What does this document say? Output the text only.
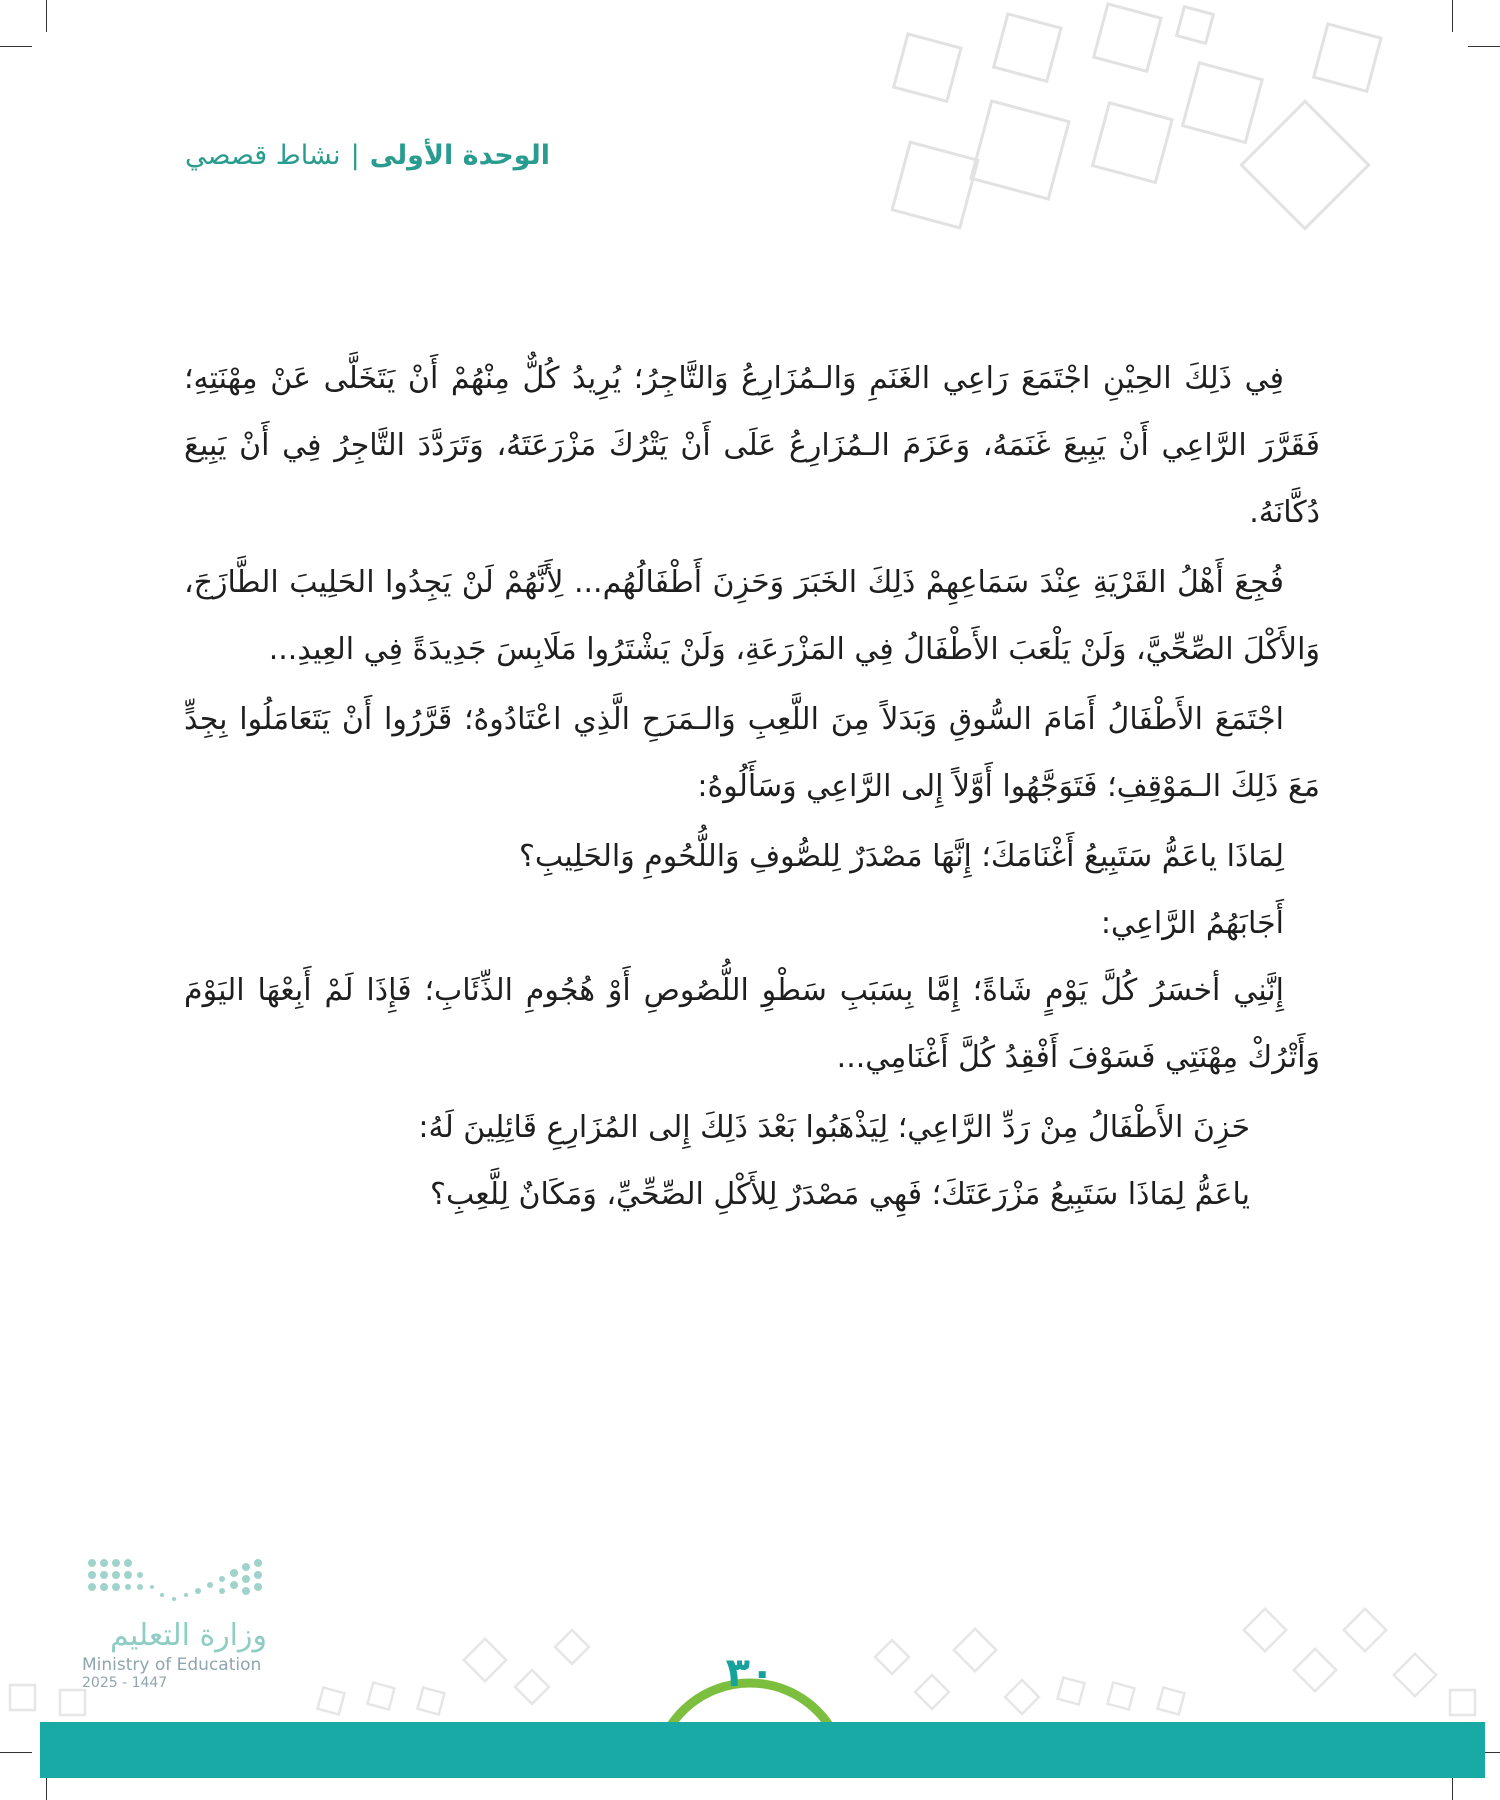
الوحدة الأولى|نشاط قصصي

فِي ذَلِكَ الحِيْنِ اجْتَمَعَ رَاعِي الغَنَمِ وَالـمُزَارِعُ وَالتَّاجِرُ؛ يُرِيدُ كُلٌّ مِنْهُمْ أَنْ يَتَخَلَّى عَنْ مِهْنَتِهِ؛ فَقَرَّرَ الرَّاعِي أَنْ يَبِيعَ غَنَمَهُ، وَعَزَمَ الـمُزَارِعُ عَلَى أَنْ يَتْرُكَ مَزْرَعَتَهُ، وَتَرَدَّدَ التَّاجِرُ فِي أَنْ يَبِيعَ دُكَّانَهُ.

فُجِعَ أَهْلُ القَرْيَةِ عِنْدَ سَمَاعِهِمْ ذَلِكَ الخَبَرَ وَحَزِنَ أَطْفَالُهُم... لِأَنَّهُمْ لَنْ يَجِدُوا الحَلِيبَ الطَّازَجَ، وَالأَكْلَ الصِّحِّيَّ، وَلَنْ يَلْعَبَ الأَطْفَالُ فِي المَزْرَعَةِ، وَلَنْ يَشْتَرُوا مَلَابِسَ جَدِيدَةً فِي العِيدِ...

اجْتَمَعَ الأَطْفَالُ أَمَامَ السُّوقِ وَبَدَلاً مِنَ اللَّعِبِ وَالـمَرَحِ الَّذِي اعْتَادُوهُ؛ قَرَّرُوا أَنْ يَتَعَامَلُوا بِجِدٍّ مَعَ ذَلِكَ الـمَوْقِفِ؛ فَتَوَجَّهُوا أَوَّلاً إِلى الرَّاعِي وَسَأَلُوهُ:

لِمَاذَا ياعَمُّ سَتَبِيعُ أَغْنَامَكَ؛ إِنَّهَا مَصْدَرٌ لِلصُّوفِ وَاللُّحُومِ وَالحَلِيبِ؟

أَجَابَهُمُ الرَّاعِي:

إِنَّنِي أخسَرُ كُلَّ يَوْمٍ شَاةً؛ إِمَّا بِسَبَبِ سَطْوِ اللُّصُوصِ أَوْ هُجُومِ الذِّئَابِ؛ فَإِذَا لَمْ أَبِعْهَا اليَوْمَ وَأَتْرُكْ مِهْنَتِي فَسَوْفَ أَفْقِدُ كُلَّ أَغْنَامِي...

حَزِنَ الأَطْفَالُ مِنْ رَدِّ الرَّاعِي؛ لِيَذْهَبُوا بَعْدَ ذَلِكَ إِلى المُزَارِعِ قَائِلِينَ لَهُ:

ياعَمُّ لِمَاذَا سَتَبِيعُ مَزْرَعَتَكَ؛ فَهِي مَصْدَرٌ لِلأَكْلِ الصِّحِّيِّ، وَمَكَانٌ لِلَّعِبِ؟

وزارة التعليم
Ministry of Education
2025 - 1447	٣٠
